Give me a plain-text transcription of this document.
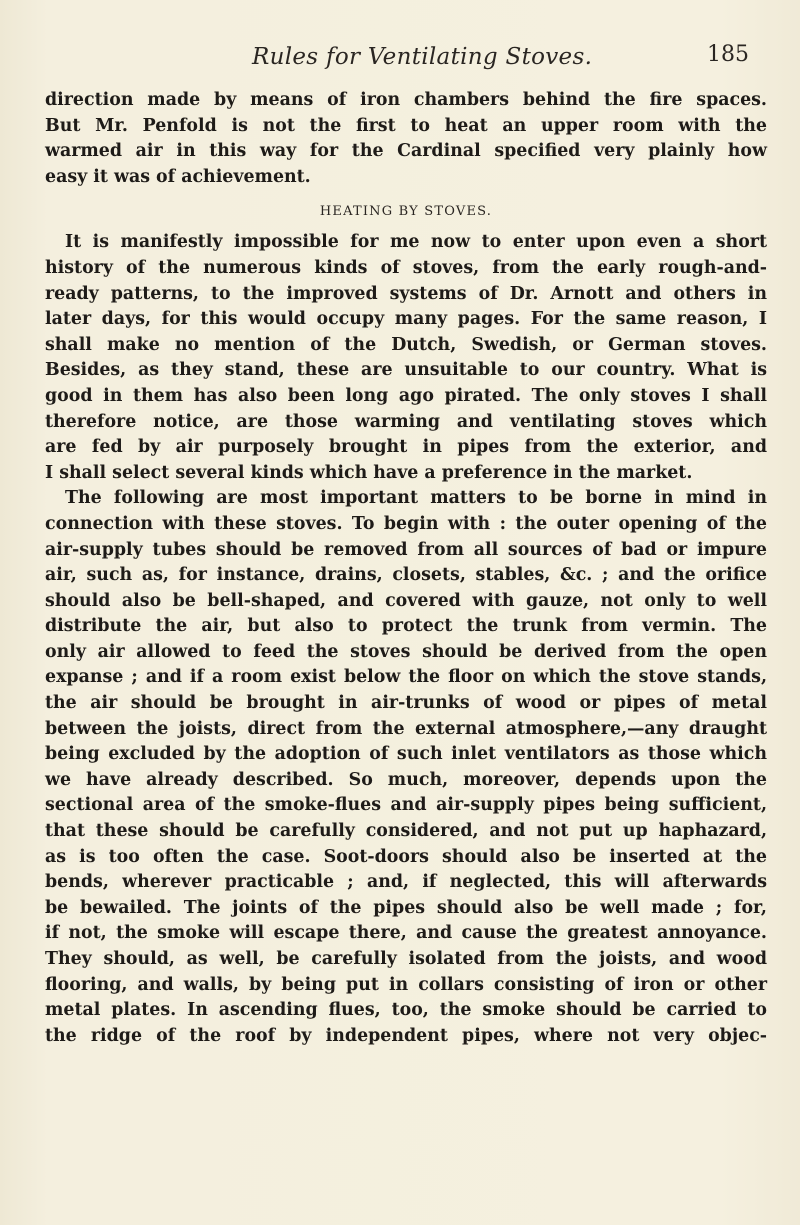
Rules for Ventilating Stoves.	185
direction made by means of iron chambers behind the fire spaces.
But Mr. Penfold is not the first to heat an upper room with the
warmed air in this way for the Cardinal specified very plainly how
easy it was of achievement.
HEATING BY STOVES.
It is manifestly impossible for me now to enter upon even a short
history of the numerous kinds of stoves, from the early rough-and-
ready patterns, to the improved systems of Dr. Arnott and others in
later days, for this would occupy many pages. For the same reason, I
shall make no mention of the Dutch, Swedish, or German stoves.
Besides, as they stand, these are unsuitable to our country. What is
good in them has also been long ago pirated. The only stoves I shall
therefore notice, are those warming and ventilating stoves which
are fed by air purposely brought in pipes from the exterior, and
I shall select several kinds which have a preference in the market.
The following are most important matters to be borne in mind in
connection with these stoves. To begin with : the outer opening of the
air-supply tubes should be removed from all sources of bad or impure
air, such as, for instance, drains, closets, stables, &c. ; and the orifice
should also be bell-shaped, and covered with gauze, not only to well
distribute the air, but also to protect the trunk from vermin. The
only air allowed to feed the stoves should be derived from the open
expanse ; and if a room exist below the floor on which the stove stands,
the air should be brought in air-trunks of wood or pipes of metal
between the joists, direct from the external atmosphere,—any draught
being excluded by the adoption of such inlet ventilators as those which
we have already described. So much, moreover, depends upon the
sectional area of the smoke-flues and air-supply pipes being sufficient,
that these should be carefully considered, and not put up haphazard,
as is too often the case. Soot-doors should also be inserted at the
bends, wherever practicable ; and, if neglected, this will afterwards
be bewailed. The joints of the pipes should also be well made ; for,
if not, the smoke will escape there, and cause the greatest annoyance.
They should, as well, be carefully isolated from the joists, and wood
flooring, and walls, by being put in collars consisting of iron or other
metal plates. In ascending flues, too, the smoke should be carried to
the ridge of the roof by independent pipes, where not very objec-
